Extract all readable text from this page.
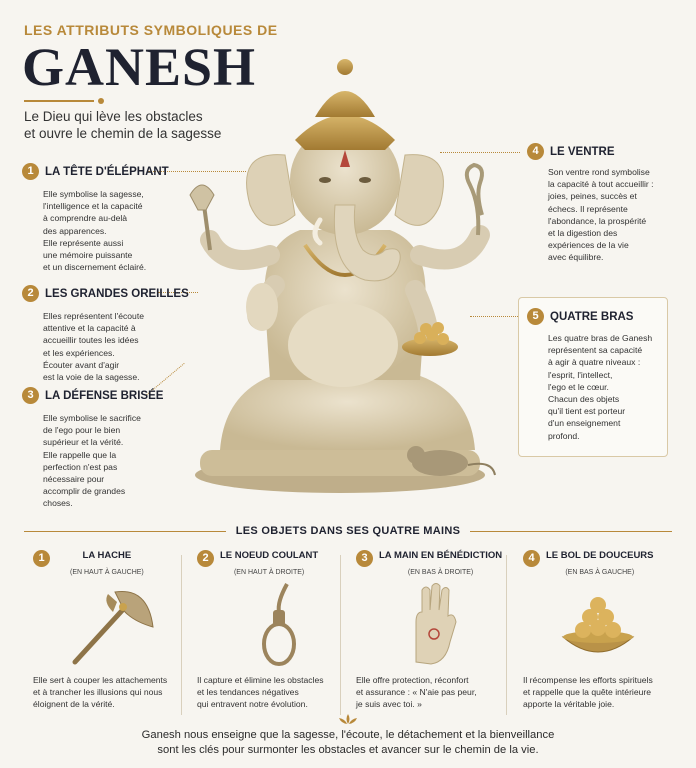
LES ATTRIBUTS SYMBOLIQUES DE
GANESH
Le Dieu qui lève les obstacles
et ouvre le chemin de la sagesse
1 LA TÊTE D'ÉLÉPHANT
Elle symbolise la sagesse,
l'intelligence et la capacité
à comprendre au-delà
des apparences.
Elle représente aussi
une mémoire puissante
et un discernement éclairé.
2 LES GRANDES OREILLES
Elles représentent l'écoute
attentive et la capacité à
accueillir toutes les idées
et les expériences.
Écouter avant d'agir
est la voie de la sagesse.
3 LA DÉFENSE BRISÉE
Elle symbolise le sacrifice
de l'ego pour le bien
supérieur et la vérité.
Elle rappelle que la
perfection n'est pas
nécessaire pour
accomplir de grandes
choses.
4 LE VENTRE
Son ventre rond symbolise
la capacité à tout accueillir :
joies, peines, succès et
échecs. Il représente
l'abondance, la prospérité
et la digestion des
expériences de la vie
avec équilibre.
5 QUATRE BRAS
Les quatre bras de Ganesh
représentent sa capacité
à agir à quatre niveaux :
l'esprit, l'intellect,
l'ego et le cœur.
Chacun des objets
qu'il tient est porteur
d'un enseignement
profond.
LES OBJETS DANS SES QUATRE MAINS
1	LA HACHE
(EN HAUT À GAUCHE)
Elle sert à couper les attachements
et à trancher les illusions qui nous
éloignent de la vérité.
2	LE NOEUD COULANT
(EN HAUT À DROITE)
Il capture et élimine les obstacles
et les tendances négatives
qui entravent notre évolution.
3	LA MAIN EN BÉNÉDICTION
(EN BAS À DROITE)
Elle offre protection, réconfort
et assurance : « N'aie pas peur,
je suis avec toi. »
4	LE BOL DE DOUCEURS
(EN BAS À GAUCHE)
Il récompense les efforts spirituels
et rappelle que la quête intérieure
apporte la véritable joie.
Ganesh nous enseigne que la sagesse, l'écoute, le détachement et la bienveillance
sont les clés pour surmonter les obstacles et avancer sur le chemin de la vie.
